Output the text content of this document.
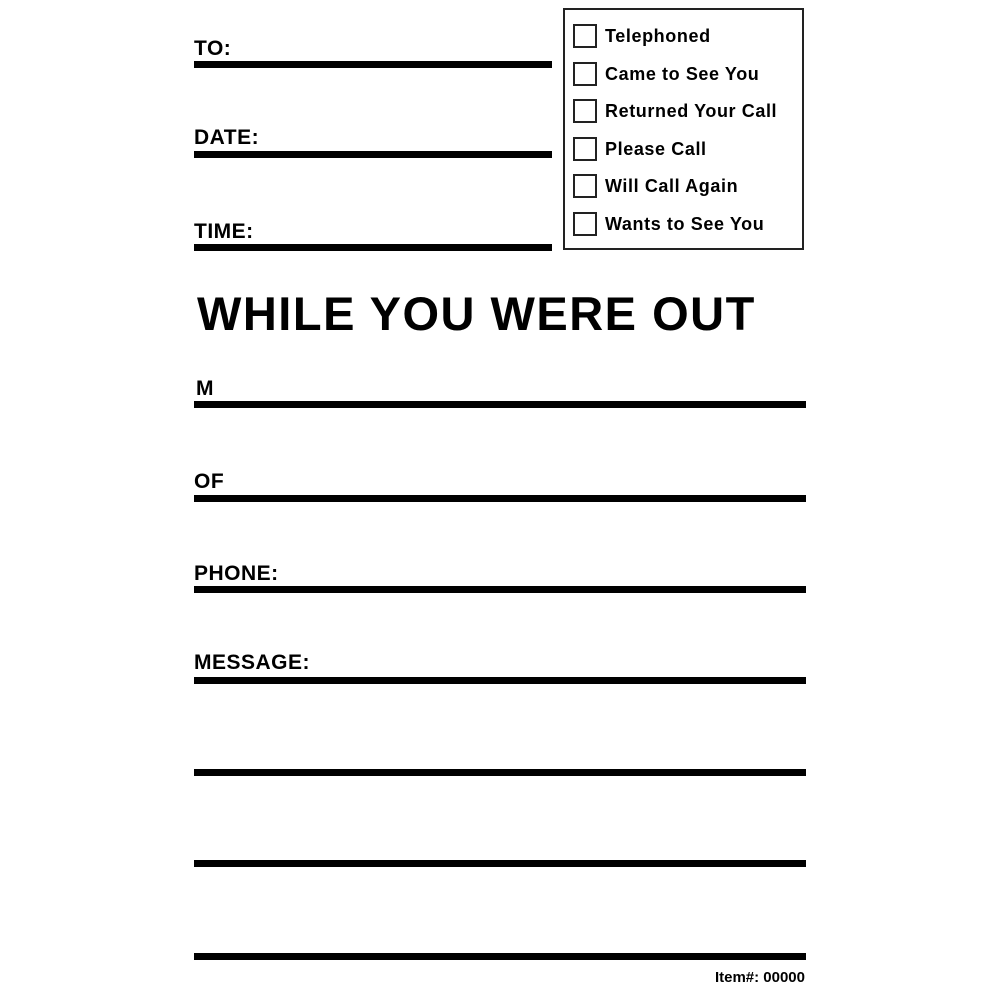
TO:
DATE:
TIME:
Telephoned
Came to See You
Returned Your Call
Please Call
Will Call Again
Wants to See You
WHILE YOU WERE OUT
M
OF
PHONE:
MESSAGE:
Item#: 00000
